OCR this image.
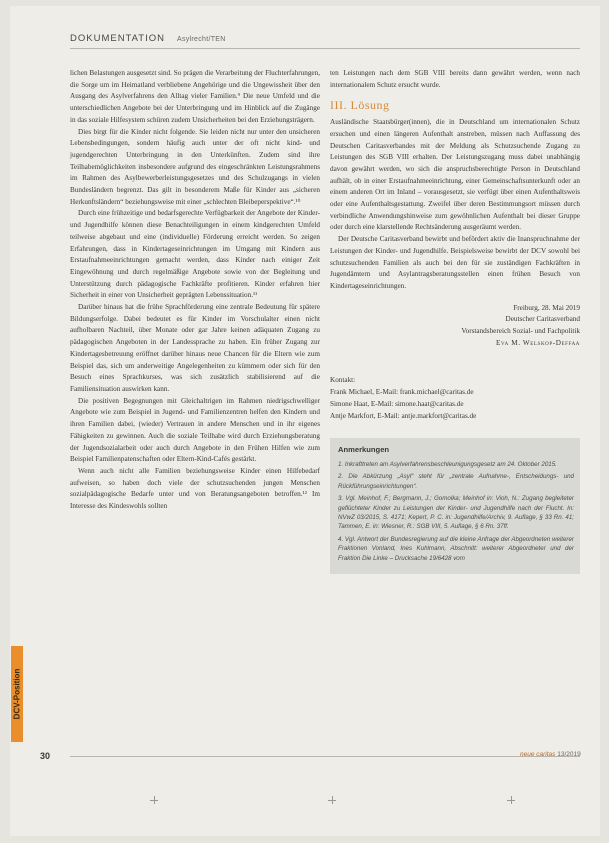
DOKUMENTATION Asylrecht/TEN

lichen Belastungen ausgesetzt sind. So prägen die Verarbeitung der Fluchterfahrungen, die Sorge um im Heimatland verbliebene Angehörige und die Ungewissheit über den Ausgang des Asylverfahrens den Alltag vieler Familien.⁹ Die neue Umfeld und die unterschiedlichen Angebote bei der Unterbringung und im Hinblick auf die Zugänge in das soziale Hilfesystem schüren zudem Unsicherheiten bei den Erziehungsträgern.

Dies birgt für die Kinder nicht folgende. Sie leiden nicht nur unter den unsicheren Lebensbedingungen, sondern häufig auch unter der oft nicht kind- und jugendgerechten Unterbringung in den Unterkünften. Zudem sind ihre Teilhabemöglichkeiten insbesondere aufgrund des eingeschränkten Leistungsrahmens im Rahmen des Asylbewerberleistungsgesetzes und des Schulzugangs in vielen Bundesländern begrenzt. Das gilt in besonderem Maße für Kinder aus „sicheren Herkunftsländern“ beziehungsweise mit einer „schlechten Bleibeperspektive“.¹⁰

Durch eine frühzeitige und bedarfsgerechte Verfügbarkeit der Angebote der Kinder- und Jugendhilfe können diese Benachteiligungen in einem kindgerechten Umfeld teilweise abgebaut und eine (individuelle) Förderung erreicht werden. So zeigen Erfahrungen, dass in Kindertageseinrichtungen im Umgang mit Kindern aus Erstaufnahmeeinrichtungen gemacht werden, dass Kinder nach einiger Zeit Eingewöhnung und durch regelmäßige Angebote sowie von der Begleitung und Unterstützung durch pädagogische Fachkräfte profitieren. Kinder erfahren hier Sicherheit in einer von Unsicherheit geprägten Lebenssituation.¹¹

Darüber hinaus hat die frühe Sprachförderung eine zentrale Bedeutung für spätere Bildungserfolge. Dabei bedeutet es für Kinder im Vorschulalter einen nicht aufholbaren Nachteil, über Monate oder gar Jahre keinen adäquaten Zugang zu pädagogischen Angeboten in der Landessprache zu haben. Ein früher Zugang zur Kindertagesbetreuung eröffnet darüber hinaus neue Chancen für die Eltern wie zum Beispiel das, sich um anderweitige Angelegenheiten zu kümmern oder sich für den Besuch eines Sprachkurses, was sich zusätzlich stabilisierend auf die Familiensituation auswirken kann.

Die positiven Begegnungen mit Gleichaltrigen im Rahmen niedrigschwelliger Angebote wie zum Beispiel in Jugend- und Familienzentren helfen den Kindern und ihren Familien dabei, (wieder) Vertrauen in andere Menschen und in ihr eigenes Fähigkeiten zu gewinnen. Auch die soziale Teilhabe wird durch Erziehungsberatung der Jugendsozialarbeit oder auch durch Angebote in den Frühen Hilfen wie zum Beispiel Familienpatenschaften oder Eltern-Kind-Cafés gestärkt.

Wenn auch nicht alle Familien beziehungsweise Kinder einen Hilfebedarf aufweisen, so haben doch viele der schutzsuchenden jungen Menschen sozialpädagogische Bedarfe unter und von Beratungsangeboten betroffen.¹² Im Interesse des Kindeswohls sollten

ten Leistungen nach dem SGB VIII bereits dann gewährt werden, wenn nach internationalem Schutz ersucht wurde.

III. Lösung

Ausländische Staatsbürger(innen), die in Deutschland um internationalen Schutz ersuchen und einen längeren Aufenthalt anstreben, müssen nach Auffassung des Deutschen Caritasverbandes mit der Meldung als Schutzsuchende Zugang zu Leistungen des SGB VIII erhalten. Der Leistungszugang muss dabei unabhängig davon gewährt werden, wo sich die anspruchsberechtigte Person in Deutschland aufhält, ob in einer Erstaufnahmeeinrichtung, einer Gemeinschaftsunterkunft oder an einem anderen Ort im Inland – vorausgesetzt, sie verfügt über einen Aufenthaltsweis oder eine Aufenthaltsgestattung. Zweifel über deren Bestimmungsort müssen durch verbindliche Anwendungshinweise zum gewöhnlichen Aufenthalt bei dieser Gruppe oder durch eine klarstellende Rechtsänderung ausgeräumt werden.

Der Deutsche Caritasverband bewirbt und befördert aktiv die Inanspruchnahme der Leistungen der Kinder- und Jugendhilfe. Beispielsweise bewirbt der DCV sowohl bei schutzsuchenden Familien als auch bei den für sie zuständigen Fachkräften in Jugendämtern und Asylantragsberatungsstellen einen frühen Besuch von Kindertageseinrichtungen.

Freiburg, 28. Mai 2019
Deutscher Caritasverband
Vorstandsbereich Sozial- und Fachpolitik
Eva M. Welskop-Deffaa
Kontakt:
Frank Michael, E-Mail: frank.michael@caritas.de
Simone Haat, E-Mail: simone.haat@caritas.de
Antje Markfort, E-Mail: antje.markfort@caritas.de
Anmerkungen
1. Inkrafttreten am Asylverfahrensbeschleunigungsgesetz am 24. Oktober 2015.
2. Die Abkürzung „Asyl“ steht für „zentrale Aufnahme-, Entscheidungs- und Rückführungseinrichtungen“.
3. Vgl. Meinhof, F.; Bergmann, J.; Gomolka; Meinhof in: Vioh, N.: Zugang begleiteter geflüchteter Kinder zu Leistungen der Kinder- und Jugendhilfe nach der Flucht. In: NVwZ 03/2015, S. 4171; Kepert, P. C. in: Jugendhilfe/Archiv, 9. Auflage, § 33 Rn. 41; Tammen, E. in: Wiesner, R.: SGB VIII, 5. Auflage, § 6 Rn. 37ff.
4. Vgl. Antwort der Bundesregierung auf die kleine Anfrage der Abgeordneten weiterer Fraktionen Vonland, Ines Kuhlmann, Abschnitt: weiterer Abgeordneter und der Fraktion Die Linke – Drucksache 19/6428 vom
DCV-Position
30	neue caritas 13/2019
